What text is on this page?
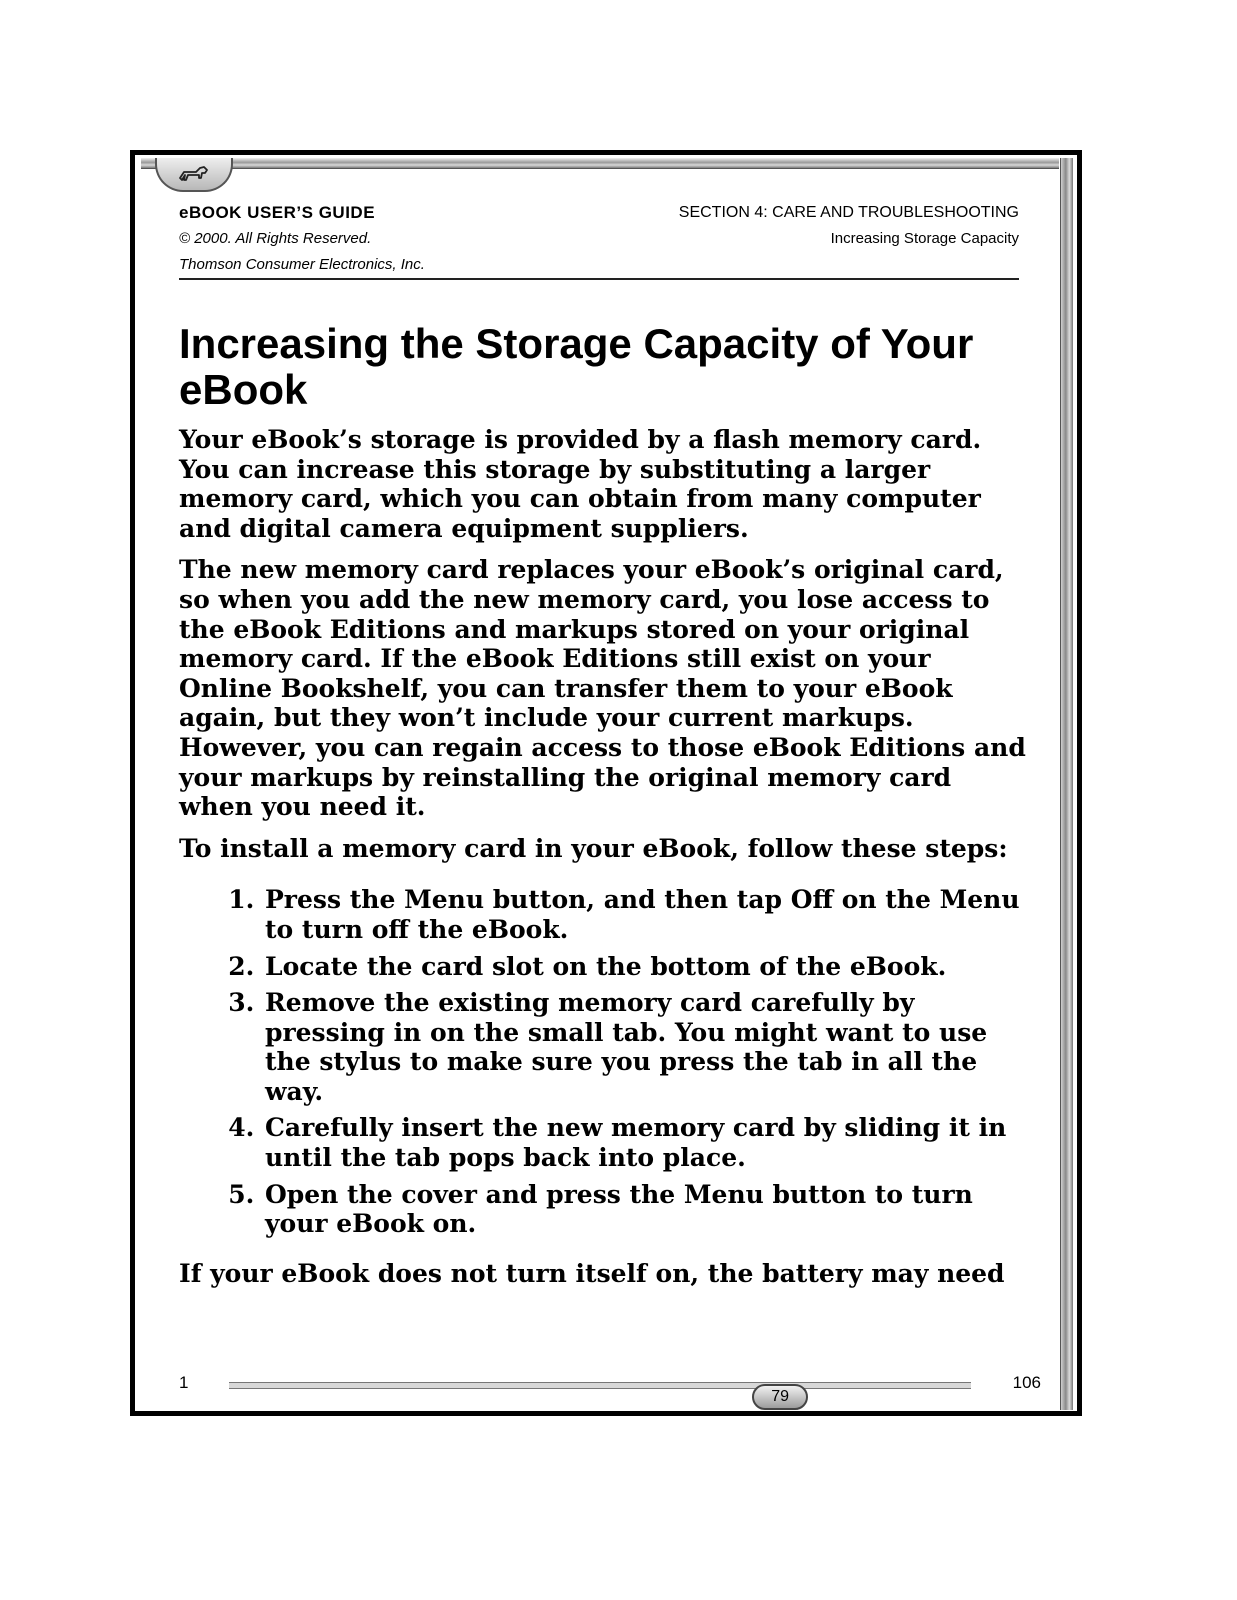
eBOOK USER’S GUIDE
© 2000. All Rights Reserved.
Thomson Consumer Electronics, Inc.
SECTION 4: CARE AND TROUBLESHOOTING
Increasing Storage Capacity
Increasing the Storage Capacity of Your eBook

Your eBook’s storage is provided by a flash memory card. You can increase this storage by substituting a larger memory card, which you can obtain from many computer and digital camera equipment suppliers.

The new memory card replaces your eBook’s original card, so when you add the new memory card, you lose access to the eBook Editions and markups stored on your original memory card. If the eBook Editions still exist on your Online Bookshelf, you can transfer them to your eBook again, but they won’t include your current markups. However, you can regain access to those eBook Editions and your markups by reinstalling the original memory card when you need it.

To install a memory card in your eBook, follow these steps:

1. Press the Menu button, and then tap Off on the Menu to turn off the eBook.
2. Locate the card slot on the bottom of the eBook.
3. Remove the existing memory card carefully by pressing in on the small tab. You might want to use the stylus to make sure you press the tab in all the way.
4. Carefully insert the new memory card by sliding it in until the tab pops back into place.
5. Open the cover and press the Menu button to turn your eBook on.

If your eBook does not turn itself on, the battery may need

1
79
106
